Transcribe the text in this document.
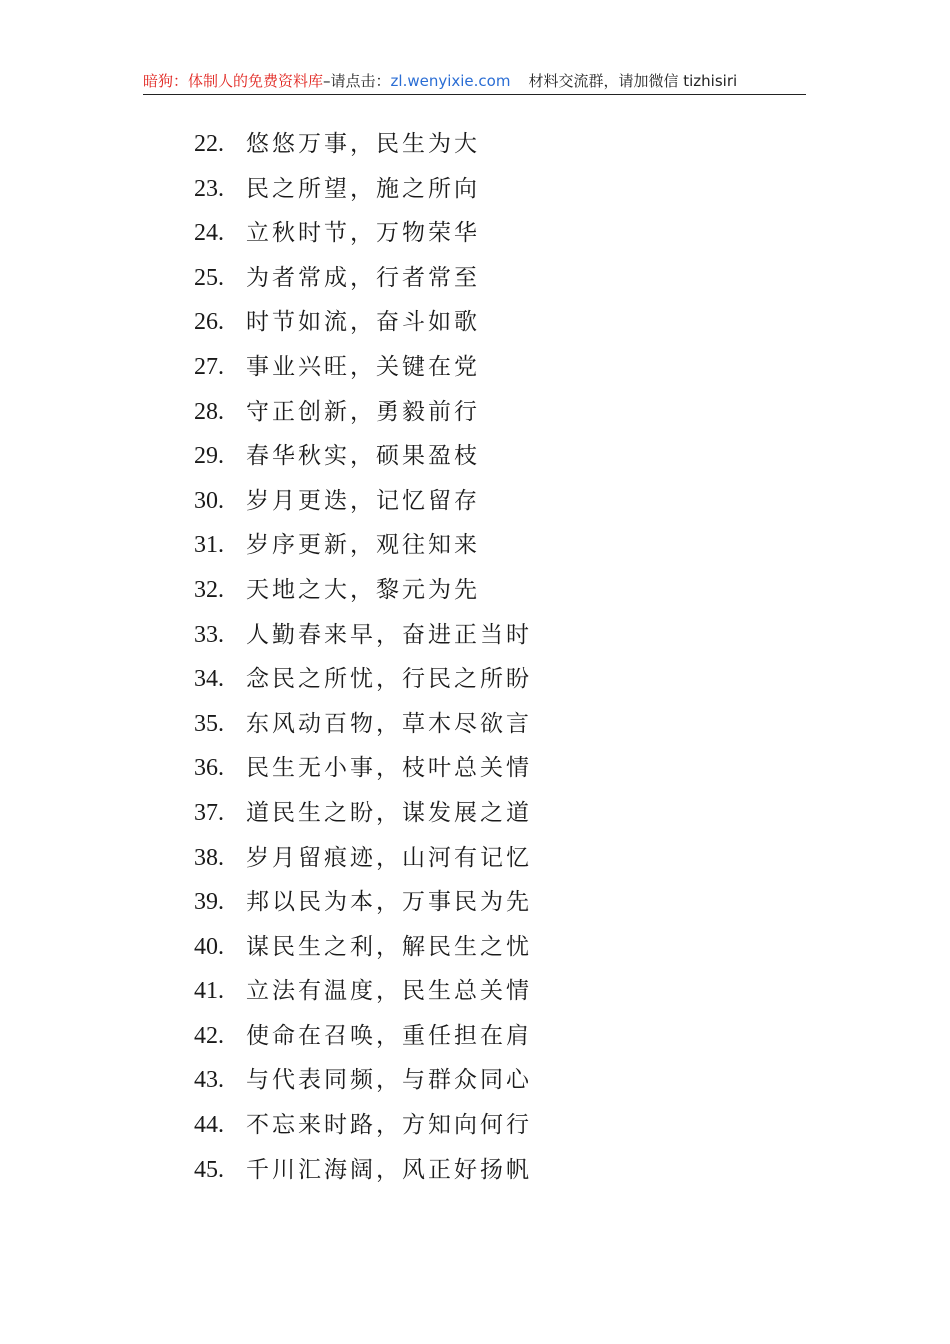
暗狗：体制人的免费资料库–请点击：zl.wenyixie.com 材料交流群，请加微信 tizhisiri
22. 悠悠万事，民生为大
23. 民之所望，施之所向
24. 立秋时节，万物荣华
25. 为者常成，行者常至
26. 时节如流，奋斗如歌
27. 事业兴旺，关键在党
28. 守正创新，勇毅前行
29. 春华秋实，硕果盈枝
30. 岁月更迭，记忆留存
31. 岁序更新，观往知来
32. 天地之大，黎元为先
33. 人勤春来早，奋进正当时
34. 念民之所忧，行民之所盼
35. 东风动百物，草木尽欲言
36. 民生无小事，枝叶总关情
37. 道民生之盼，谋发展之道
38. 岁月留痕迹，山河有记忆
39. 邦以民为本，万事民为先
40. 谋民生之利，解民生之忧
41. 立法有温度，民生总关情
42. 使命在召唤，重任担在肩
43. 与代表同频，与群众同心
44. 不忘来时路，方知向何行
45. 千川汇海阔，风正好扬帆
